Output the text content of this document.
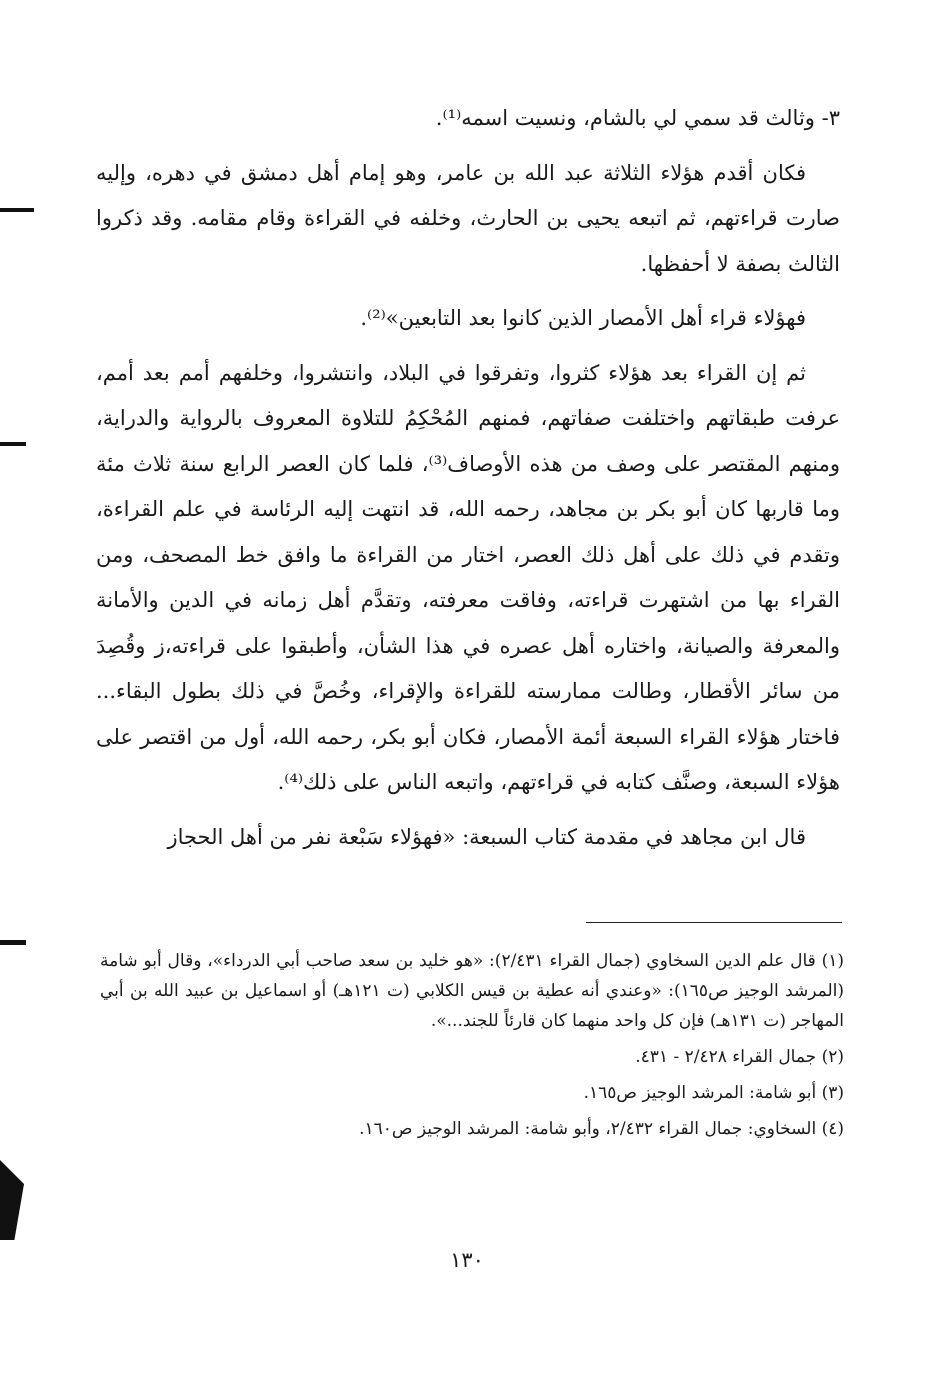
٣- وثالث قد سمي لي بالشام، ونسيت اسمه⁽¹⁾.

فكان أقدم هؤلاء الثلاثة عبد الله بن عامر، وهو إمام أهل دمشق في دهره، وإليه صارت قراءتهم، ثم اتبعه يحيى بن الحارث، وخلفه في القراءة وقام مقامه. وقد ذكروا الثالث بصفة لا أحفظها.

فهؤلاء قراء أهل الأمصار الذين كانوا بعد التابعين»⁽²⁾.

ثم إن القراء بعد هؤلاء كثروا، وتفرقوا في البلاد، وانتشروا، وخلفهم أمم بعد أمم، عرفت طبقاتهم واختلفت صفاتهم، فمنهم المُحْكِمُ للتلاوة المعروف بالرواية والدراية، ومنهم المقتصر على وصف من هذه الأوصاف⁽³⁾، فلما كان العصر الرابع سنة ثلاث مئة وما قاربها كان أبو بكر بن مجاهد، رحمه الله، قد انتهت إليه الرئاسة في علم القراءة، وتقدم في ذلك على أهل ذلك العصر، اختار من القراءة ما وافق خط المصحف، ومن القراء بها من اشتهرت قراءته، وفاقت معرفته، وتقدَّم أهل زمانه في الدين والأمانة والمعرفة والصيانة، واختاره أهل عصره في هذا الشأن، وأطبقوا على قراءته،ز وقُصِدَ من سائر الأقطار، وطالت ممارسته للقراءة والإقراء، وخُصَّ في ذلك بطول البقاء... فاختار هؤلاء القراء السبعة أئمة الأمصار، فكان أبو بكر، رحمه الله، أول من اقتصر على هؤلاء السبعة، وصنَّف كتابه في قراءتهم، واتبعه الناس على ذلك⁽⁴⁾.

قال ابن مجاهد في مقدمة كتاب السبعة: «فهؤلاء سَبْعة نفر من أهل الحجاز

(١) قال علم الدين السخاوي (جمال القراء ٢/٤٣١): «هو خليد بن سعد صاحب أبي الدرداء»، وقال أبو شامة (المرشد الوجيز ص١٦٥): «وعندي أنه عطية بن قيس الكلابي (ت ١٢١هـ) أو اسماعيل بن عبيد الله بن أبي المهاجر (ت ١٣١هـ) فإن كل واحد منهما كان قارئاً للجند...».

(٢) جمال القراء ٢/٤٢٨ - ٤٣١.

(٣) أبو شامة: المرشد الوجيز ص١٦٥.

(٤) السخاوي: جمال القراء ٢/٤٣٢، وأبو شامة: المرشد الوجيز ص١٦٠.

١٣٠
